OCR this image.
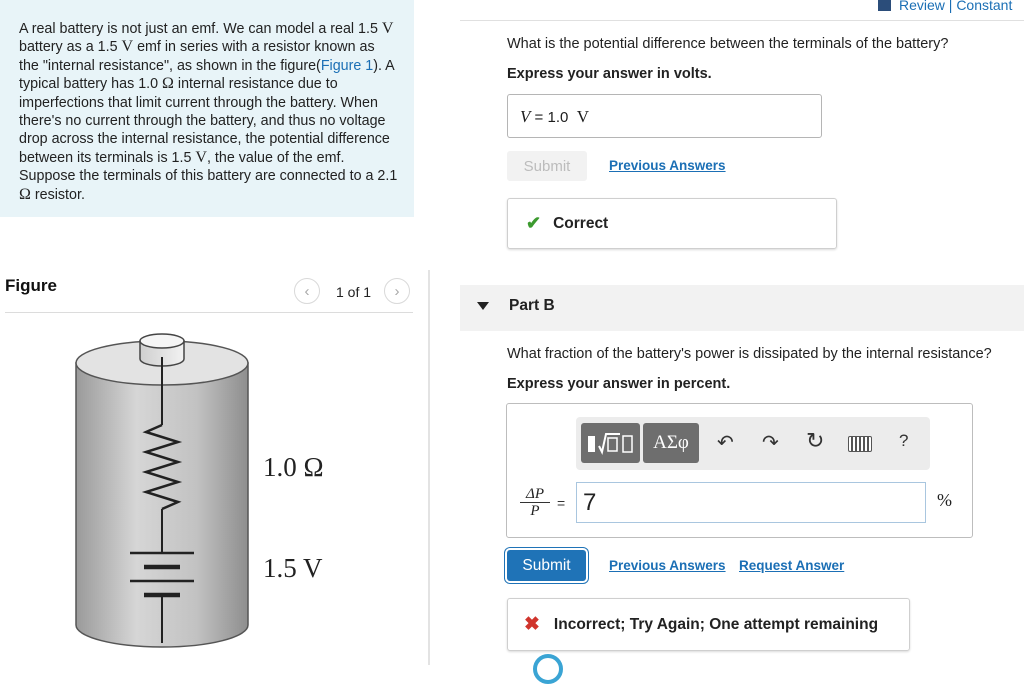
A real battery is not just an emf. We can model a real 1.5 V battery as a 1.5 V emf in series with a resistor known as the "internal resistance", as shown in the figure(Figure 1). A typical battery has 1.0 Ω internal resistance due to imperfections that limit current through the battery. When there's no current through the battery, and thus no voltage drop across the internal resistance, the potential difference between its terminals is 1.5 V, the value of the emf. Suppose the terminals of this battery are connected to a 2.1 Ω resistor.
Figure	‹ 1 of 1 ›
1.0 Ω
1.5 V
Review | Constant
What is the potential difference between the terminals of the battery?
Express your answer in volts.
V = 1.0 V
Submit	Previous Answers
✔ Correct
Part B
What fraction of the battery's power is dissipated by the internal resistance?
Express your answer in percent.
ΑΣφ	↶ ↷ ↻	?
$\frac{\Delta P}{P}$ =
7	%
Submit	Previous Answers Request Answer
✖ Incorrect; Try Again; One attempt remaining
